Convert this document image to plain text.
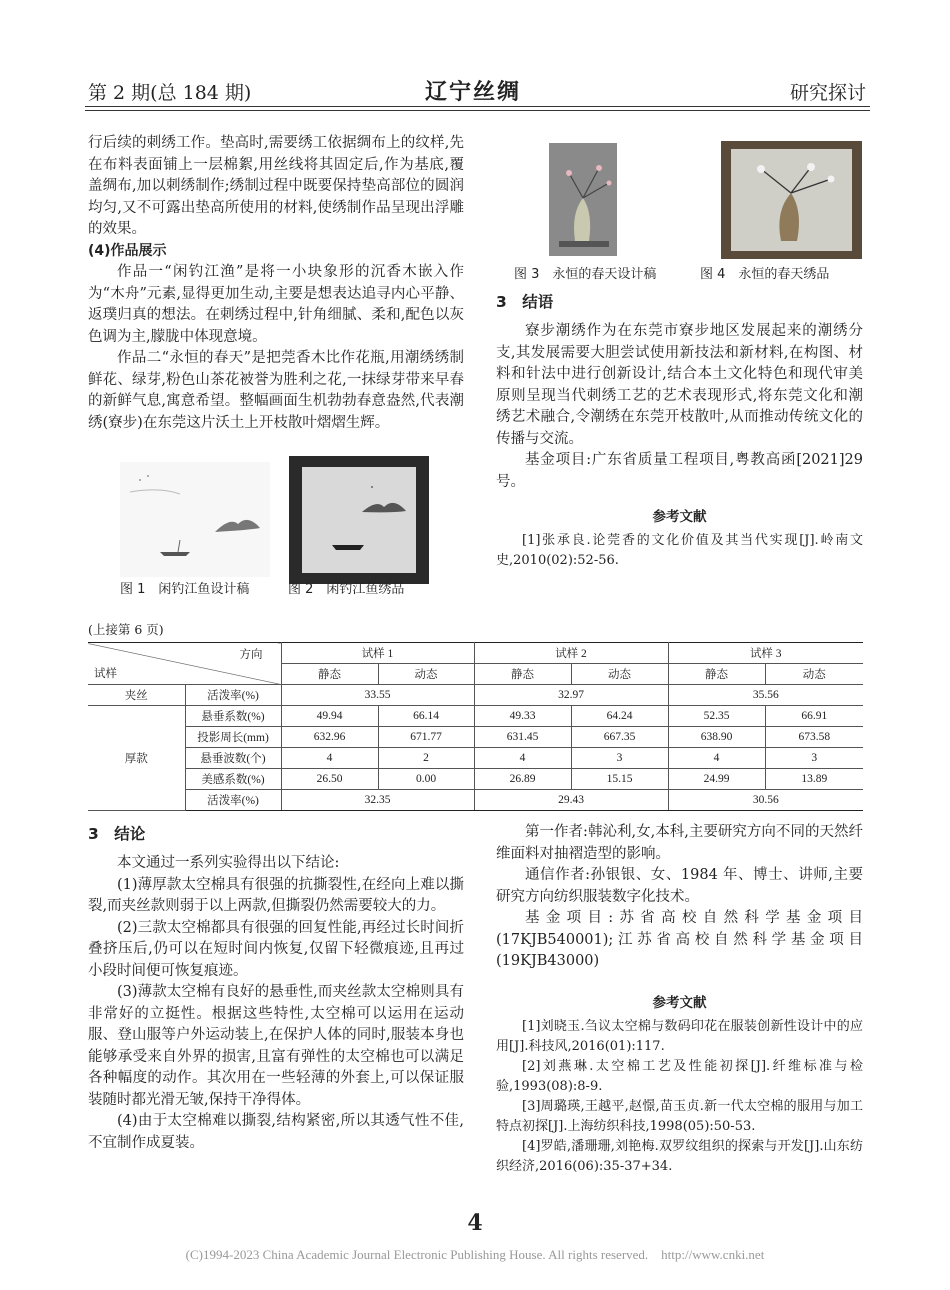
第 2 期(总 184 期)	辽宁丝绸	研究探讨

行后续的刺绣工作。垫高时,需要绣工依据绸布上的纹样,先在布料表面铺上一层棉絮,用丝线将其固定后,作为基底,覆盖绸布,加以刺绣制作;绣制过程中既要保持垫高部位的圆润均匀,又不可露出垫高所使用的材料,使绣制作品呈现出浮雕的效果。

(4)作品展示

作品一“闲钓江渔”是将一小块象形的沉香木嵌入作为“木舟”元素,显得更加生动,主要是想表达追寻内心平静、返璞归真的想法。在刺绣过程中,针角细腻、柔和,配色以灰色调为主,朦胧中体现意境。

作品二“永恒的春天”是把莞香木比作花瓶,用潮绣绣制鲜花、绿芽,粉色山茶花被誉为胜利之花,一抹绿芽带来早春的新鲜气息,寓意希望。整幅画面生机勃勃春意盎然,代表潮绣(寮步)在东莞这片沃土上开枝散叶熠熠生辉。

图 1　闲钓江鱼设计稿	图 2　闲钓江鱼绣品
图 3　永恒的春天设计稿	图 4　永恒的春天绣品
3　结语

寮步潮绣作为在东莞市寮步地区发展起来的潮绣分支,其发展需要大胆尝试使用新技法和新材料,在构图、材料和针法中进行创新设计,结合本土文化特色和现代审美原则呈现当代刺绣工艺的艺术表现形式,将东莞文化和潮绣艺术融合,令潮绣在东莞开枝散叶,从而推动传统文化的传播与交流。

基金项目:广东省质量工程项目,粤教高函[2021]29 号。

参考文献

[1]张承良.论莞香的文化价值及其当代实现[J].岭南文史,2010(02):52-56.

(上接第 6 页)
方向
试样		试样 1		试样 2		试样 3	
		静态	动态	静态	动态	静态	动态
夹丝	活泼率(%)	33.55		32.97		35.56	
厚款	悬垂系数(%)	49.94	66.14	49.33	64.24	52.35	66.91
	投影周长(mm)	632.96	671.77	631.45	667.35	638.90	673.58
	悬垂波数(个)	4	2	4	3	4	3
	美感系数(%)	26.50	0.00	26.89	15.15	24.99	13.89
	活泼率(%)	32.35		29.43		30.56	
3　结论

本文通过一系列实验得出以下结论:

(1)薄厚款太空棉具有很强的抗撕裂性,在经向上难以撕裂,而夹丝款则弱于以上两款,但撕裂仍然需要较大的力。

(2)三款太空棉都具有很强的回复性能,再经过长时间折叠挤压后,仍可以在短时间内恢复,仅留下轻微痕迹,且再过小段时间便可恢复痕迹。

(3)薄款太空棉有良好的悬垂性,而夹丝款太空棉则具有非常好的立挺性。根据这些特性,太空棉可以运用在运动服、登山服等户外运动装上,在保护人体的同时,服装本身也能够承受来自外界的损害,且富有弹性的太空棉也可以满足各种幅度的动作。其次用在一些轻薄的外套上,可以保证服装随时都光滑无皱,保持干净得体。

(4)由于太空棉难以撕裂,结构紧密,所以其透气性不佳,不宜制作成夏装。

第一作者:韩沁利,女,本科,主要研究方向不同的天然纤维面料对抽褶造型的影响。

通信作者:孙银银、女、1984 年、博士、讲师,主要研究方向纺织服装数字化技术。

基金项目:苏省高校自然科学基金项目(17KJB540001);江苏省高校自然科学基金项目(19KJB43000)

参考文献

[1]刘晓玉.刍议太空棉与数码印花在服装创新性设计中的应用[J].科技风,2016(01):117.

[2]刘燕琳.太空棉工艺及性能初探[J].纤维标准与检验,1993(08):8-9.

[3]周璐瑛,王越平,赵憬,苗玉贞.新一代太空棉的服用与加工特点初探[J].上海纺织科技,1998(05):50-53.

[4]罗皓,潘珊珊,刘艳梅.双罗纹组织的探索与开发[J].山东纺织经济,2016(06):35-37+34.

4
(C)1994-2023 China Academic Journal Electronic Publishing House. All rights reserved.　http://www.cnki.net
